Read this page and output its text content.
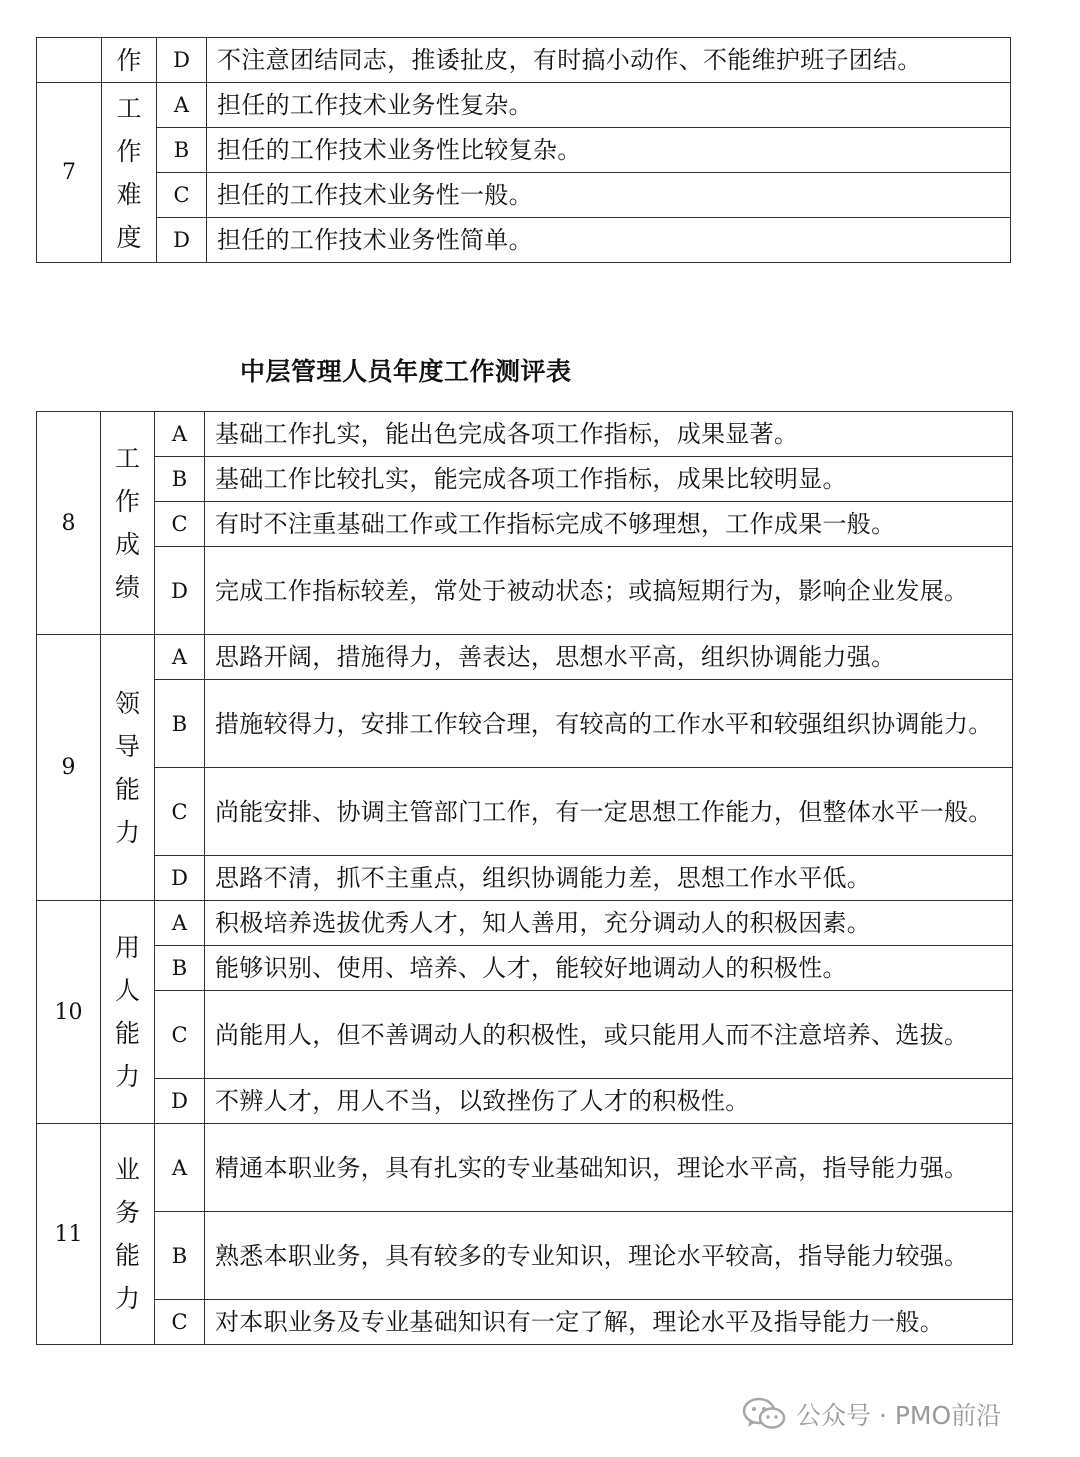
	作	D	不注意团结同志，推诿扯皮，有时搞小动作、不能维护班子团结。
7	工作难度	A	担任的工作技术业务性复杂。
		B	担任的工作技术业务性比较复杂。
		C	担任的工作技术业务性一般。
		D	担任的工作技术业务性简单。
中层管理人员年度工作测评表
8	工作成绩	A	基础工作扎实，能出色完成各项工作指标，成果显著。
		B	基础工作比较扎实，能完成各项工作指标，成果比较明显。
		C	有时不注重基础工作或工作指标完成不够理想，工作成果一般。
		D	完成工作指标较差，常处于被动状态；或搞短期行为，影响企业发展。
9	领导能力	A	思路开阔，措施得力，善表达，思想水平高，组织协调能力强。
		B	措施较得力，安排工作较合理，有较高的工作水平和较强组织协调能力。
		C	尚能安排、协调主管部门工作，有一定思想工作能力，但整体水平一般。
		D	思路不清，抓不主重点，组织协调能力差，思想工作水平低。
10	用人能力	A	积极培养选拔优秀人才，知人善用，充分调动人的积极因素。
		B	能够识别、使用、培养、人才，能较好地调动人的积极性。
		C	尚能用人，但不善调动人的积极性，或只能用人而不注意培养、选拔。
		D	不辨人才，用人不当，以致挫伤了人才的积极性。
11	业务能力	A	精通本职业务，具有扎实的专业基础知识，理论水平高，指导能力强。
		B	熟悉本职业务，具有较多的专业知识，理论水平较高，指导能力较强。
		C	对本职业务及专业基础知识有一定了解，理论水平及指导能力一般。
公众号 · PMO前沿
